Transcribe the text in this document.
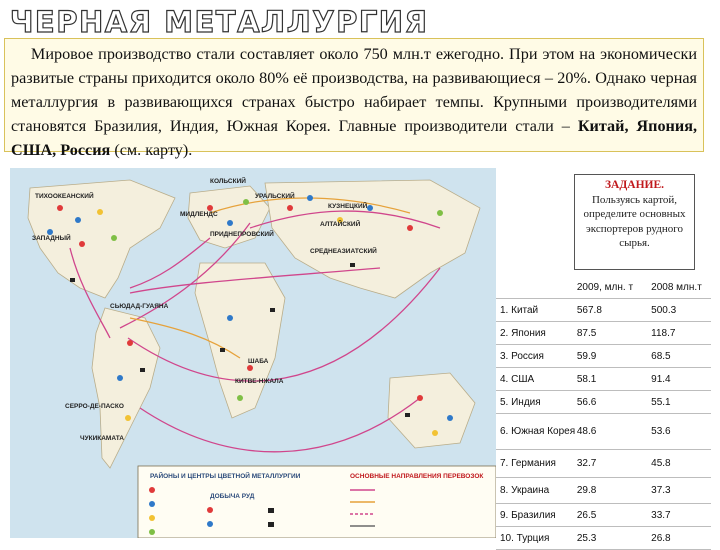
ЧЕРНАЯ МЕТАЛЛУРГИЯ
Мировое производство стали составляет около 750 млн.т ежегодно. При этом на экономически развитые страны приходится около 80% её производства, на развивающиеся – 20%. Однако черная металлургия в развивающихся странах быстро набирает темпы. Крупными производителями становятся Бразилия, Индия, Южная Корея. Главные производители стали – Китай, Япония, США, Россия (см. карту).
КОЛЬСКИЙ
ТИХООКЕАНСКИЙ
МИДЛЕНДС
УРАЛЬСКИЙ
КУЗНЕЦКИЙ
АЛТАЙСКИЙ
ЗАПАДНЫЙ
ПРИДНЕПРОВСКИЙ
СРЕДНЕАЗИАТСКИЙ
ЧУКИКАМАТА
КИТВЕ-НЖАЛА
ШАБА
СЕРРО-ДЕ-ПАСКО
СЬЮДАД-ГУАЯНА
РАЙОНЫ И ЦЕНТРЫ ЦВЕТНОЙ МЕТАЛЛУРГИИ
ДОБЫЧА РУД
ОСНОВНЫЕ НАПРАВЛЕНИЯ ПЕРЕВОЗОК
ЗАДАНИЕ.
Пользуясь картой, определите основных экспортеров рудного сырья.
	2009, млн. т	2008 млн.т
1. Китай	567.8	500.3
2. Япония	87.5	118.7
3. Россия	59.9	68.5
4. США	58.1	91.4
5. Индия	56.6	55.1
6. Южная Корея	48.6	53.6
7. Германия	32.7	45.8
8. Украина	29.8	37.3
9. Бразилия	26.5	33.7
10. Турция	25.3	26.8
